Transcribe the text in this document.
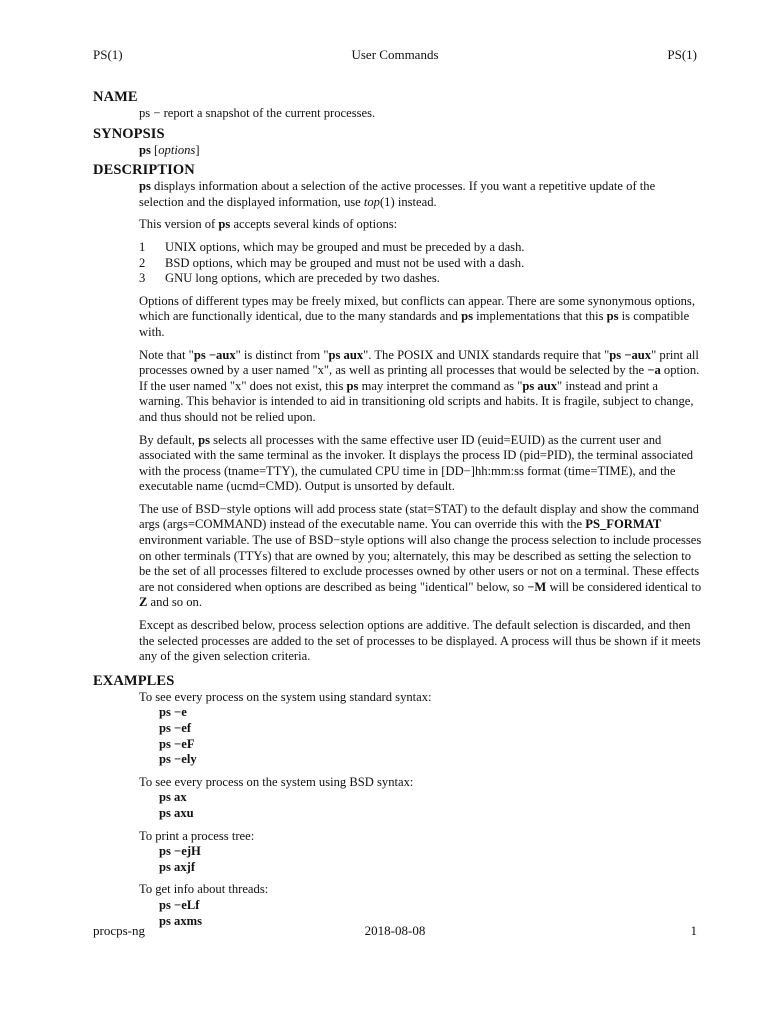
PS(1)	User Commands	PS(1)
NAME

ps − report a snapshot of the current processes.

SYNOPSIS

ps [options]

DESCRIPTION

ps displays information about a selection of the active processes. If you want a repetitive update of the selection and the displayed information, use top(1) instead.

This version of ps accepts several kinds of options:

1 UNIX options, which may be grouped and must be preceded by a dash.
2 BSD options, which may be grouped and must not be used with a dash.
3 GNU long options, which are preceded by two dashes.

Options of different types may be freely mixed, but conflicts can appear. There are some synonymous options, which are functionally identical, due to the many standards and ps implementations that this ps is compatible with.

Note that "ps −aux" is distinct from "ps aux". The POSIX and UNIX standards require that "ps −aux" print all processes owned by a user named "x", as well as printing all processes that would be selected by the −a option. If the user named "x" does not exist, this ps may interpret the command as "ps aux" instead and print a warning. This behavior is intended to aid in transitioning old scripts and habits. It is fragile, subject to change, and thus should not be relied upon.

By default, ps selects all processes with the same effective user ID (euid=EUID) as the current user and associated with the same terminal as the invoker. It displays the process ID (pid=PID), the terminal associated with the process (tname=TTY), the cumulated CPU time in [DD−]hh:mm:ss format (time=TIME), and the executable name (ucmd=CMD). Output is unsorted by default.

The use of BSD−style options will add process state (stat=STAT) to the default display and show the command args (args=COMMAND) instead of the executable name. You can override this with the PS_FORMAT environment variable. The use of BSD−style options will also change the process selection to include processes on other terminals (TTYs) that are owned by you; alternately, this may be described as setting the selection to be the set of all processes filtered to exclude processes owned by other users or not on a terminal. These effects are not considered when options are described as being "identical" below, so −M will be considered identical to Z and so on.

Except as described below, process selection options are additive. The default selection is discarded, and then the selected processes are added to the set of processes to be displayed. A process will thus be shown if it meets any of the given selection criteria.

EXAMPLES

To see every process on the system using standard syntax:

ps −e
ps −ef
ps −eF
ps −ely

To see every process on the system using BSD syntax:

ps ax
ps axu

To print a process tree:

ps −ejH
ps axjf

To get info about threads:

ps −eLf
ps axms
procps-ng	2018-08-08	1
